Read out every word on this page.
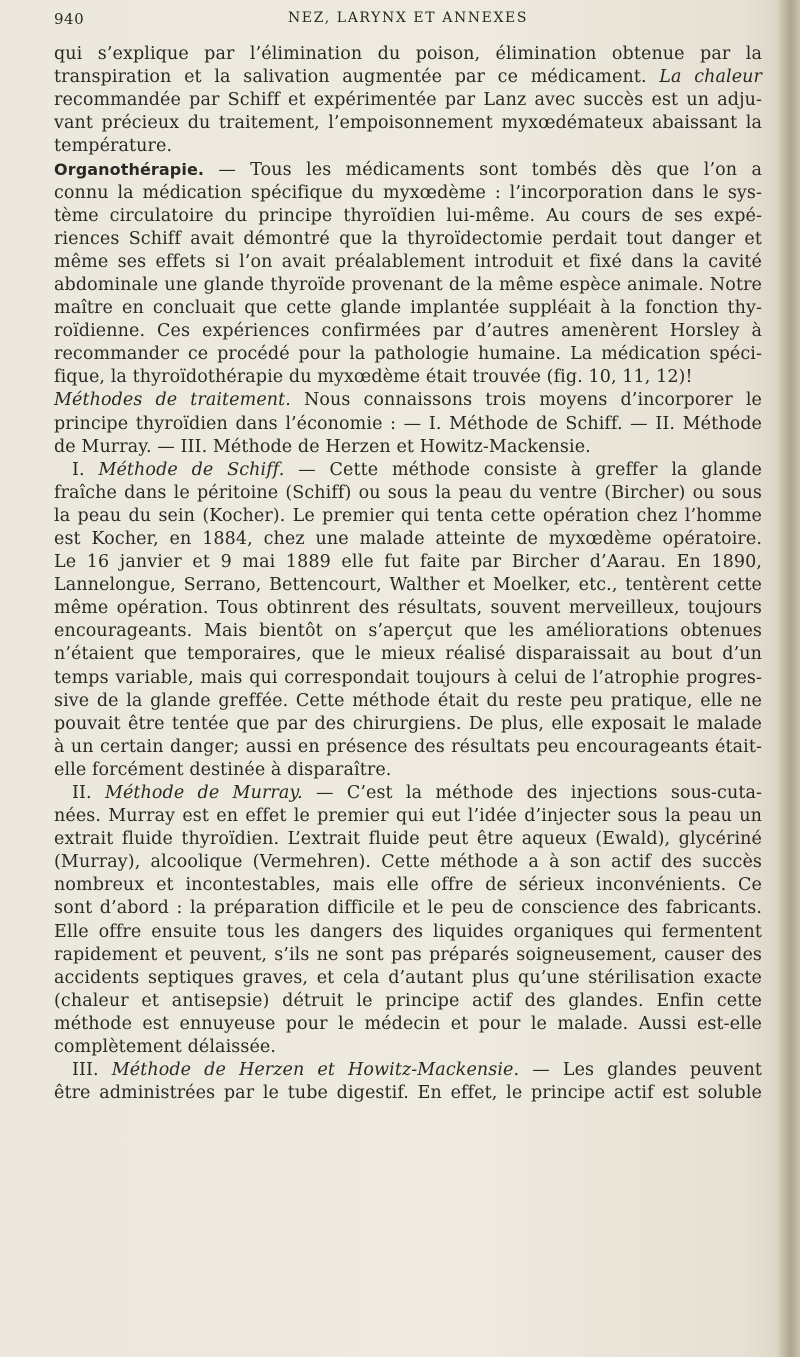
940	NEZ, LARYNX ET ANNEXES
qui s’explique par l’élimination du poison, élimination obtenue par la
transpiration et la salivation augmentée par ce médicament. La chaleur
recommandée par Schiff et expérimentée par Lanz avec succès est un adju-
vant précieux du traitement, l’empoisonnement myxœdémateux abaissant la
température.
Organothérapie. — Tous les médicaments sont tombés dès que l’on a
connu la médication spécifique du myxœdème : l’incorporation dans le sys-
tème circulatoire du principe thyroïdien lui-même. Au cours de ses expé-
riences Schiff avait démontré que la thyroïdectomie perdait tout danger et
même ses effets si l’on avait préalablement introduit et fixé dans la cavité
abdominale une glande thyroïde provenant de la même espèce animale. Notre
maître en concluait que cette glande implantée suppléait à la fonction thy-
roïdienne. Ces expériences confirmées par d’autres amenèrent Horsley à
recommander ce procédé pour la pathologie humaine. La médication spéci-
fique, la thyroïdothérapie du myxœdème était trouvée (fig. 10, 11, 12)!
Méthodes de traitement. Nous connaissons trois moyens d’incorporer le
principe thyroïdien dans l’économie : — I. Méthode de Schiff. — II. Méthode
de Murray. — III. Méthode de Herzen et Howitz-Mackensie.
I. Méthode de Schiff. — Cette méthode consiste à greffer la glande
fraîche dans le péritoine (Schiff) ou sous la peau du ventre (Bircher) ou sous
la peau du sein (Kocher). Le premier qui tenta cette opération chez l’homme
est Kocher, en 1884, chez une malade atteinte de myxœdème opératoire.
Le 16 janvier et 9 mai 1889 elle fut faite par Bircher d’Aarau. En 1890,
Lannelongue, Serrano, Bettencourt, Walther et Moelker, etc., tentèrent cette
même opération. Tous obtinrent des résultats, souvent merveilleux, toujours
encourageants. Mais bientôt on s’aperçut que les améliorations obtenues
n’étaient que temporaires, que le mieux réalisé disparaissait au bout d’un
temps variable, mais qui correspondait toujours à celui de l’atrophie progres-
sive de la glande greffée. Cette méthode était du reste peu pratique, elle ne
pouvait être tentée que par des chirurgiens. De plus, elle exposait le malade
à un certain danger; aussi en présence des résultats peu encourageants était-
elle forcément destinée à disparaître.
II. Méthode de Murray. — C’est la méthode des injections sous-cuta-
nées. Murray est en effet le premier qui eut l’idée d’injecter sous la peau un
extrait fluide thyroïdien. L’extrait fluide peut être aqueux (Ewald), glycériné
(Murray), alcoolique (Vermehren). Cette méthode a à son actif des succès
nombreux et incontestables, mais elle offre de sérieux inconvénients. Ce
sont d’abord : la préparation difficile et le peu de conscience des fabricants.
Elle offre ensuite tous les dangers des liquides organiques qui fermentent
rapidement et peuvent, s’ils ne sont pas préparés soigneusement, causer des
accidents septiques graves, et cela d’autant plus qu’une stérilisation exacte
(chaleur et antisepsie) détruit le principe actif des glandes. Enfin cette
méthode est ennuyeuse pour le médecin et pour le malade. Aussi est-elle
complètement délaissée.
III. Méthode de Herzen et Howitz-Mackensie. — Les glandes peuvent
être administrées par le tube digestif. En effet, le principe actif est soluble
